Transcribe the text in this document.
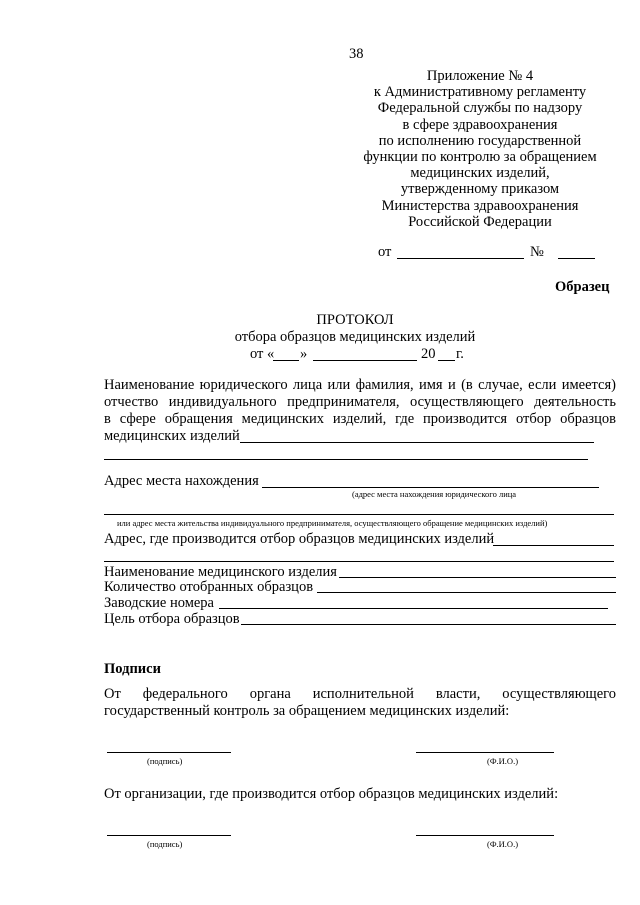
38
Приложение № 4
к Административному регламенту
Федеральной службы по надзору
в сфере здравоохранения
по исполнению государственной
функции по контролю за обращением
медицинских изделий,
утвержденному приказом
Министерства здравоохранения
Российской Федерации
от	№
Образец
ПРОТОКОЛ
отбора образцов медицинских изделий
от « »	20 г.
Наименование юридического лица или фамилия, имя и (в случае, если имеется)
отчество индивидуального предпринимателя, осуществляющего деятельность
в сфере обращения медицинских изделий, где производится отбор образцов
медицинских изделий
Адрес места нахождения
(адрес места нахождения юридического лица
или адрес места жительства индивидуального предпринимателя, осуществляющего обращение медицинских изделий)
Адрес, где производится отбор образцов медицинских изделий
Наименование медицинского изделия
Количество отобранных образцов
Заводские номера
Цель отбора образцов
Подписи
От федерального органа исполнительной власти, осуществляющего
государственный контроль за обращением медицинских изделий:
(подпись)	(Ф.И.О.)
От организации, где производится отбор образцов медицинских изделий:
(подпись)	(Ф.И.О.)
